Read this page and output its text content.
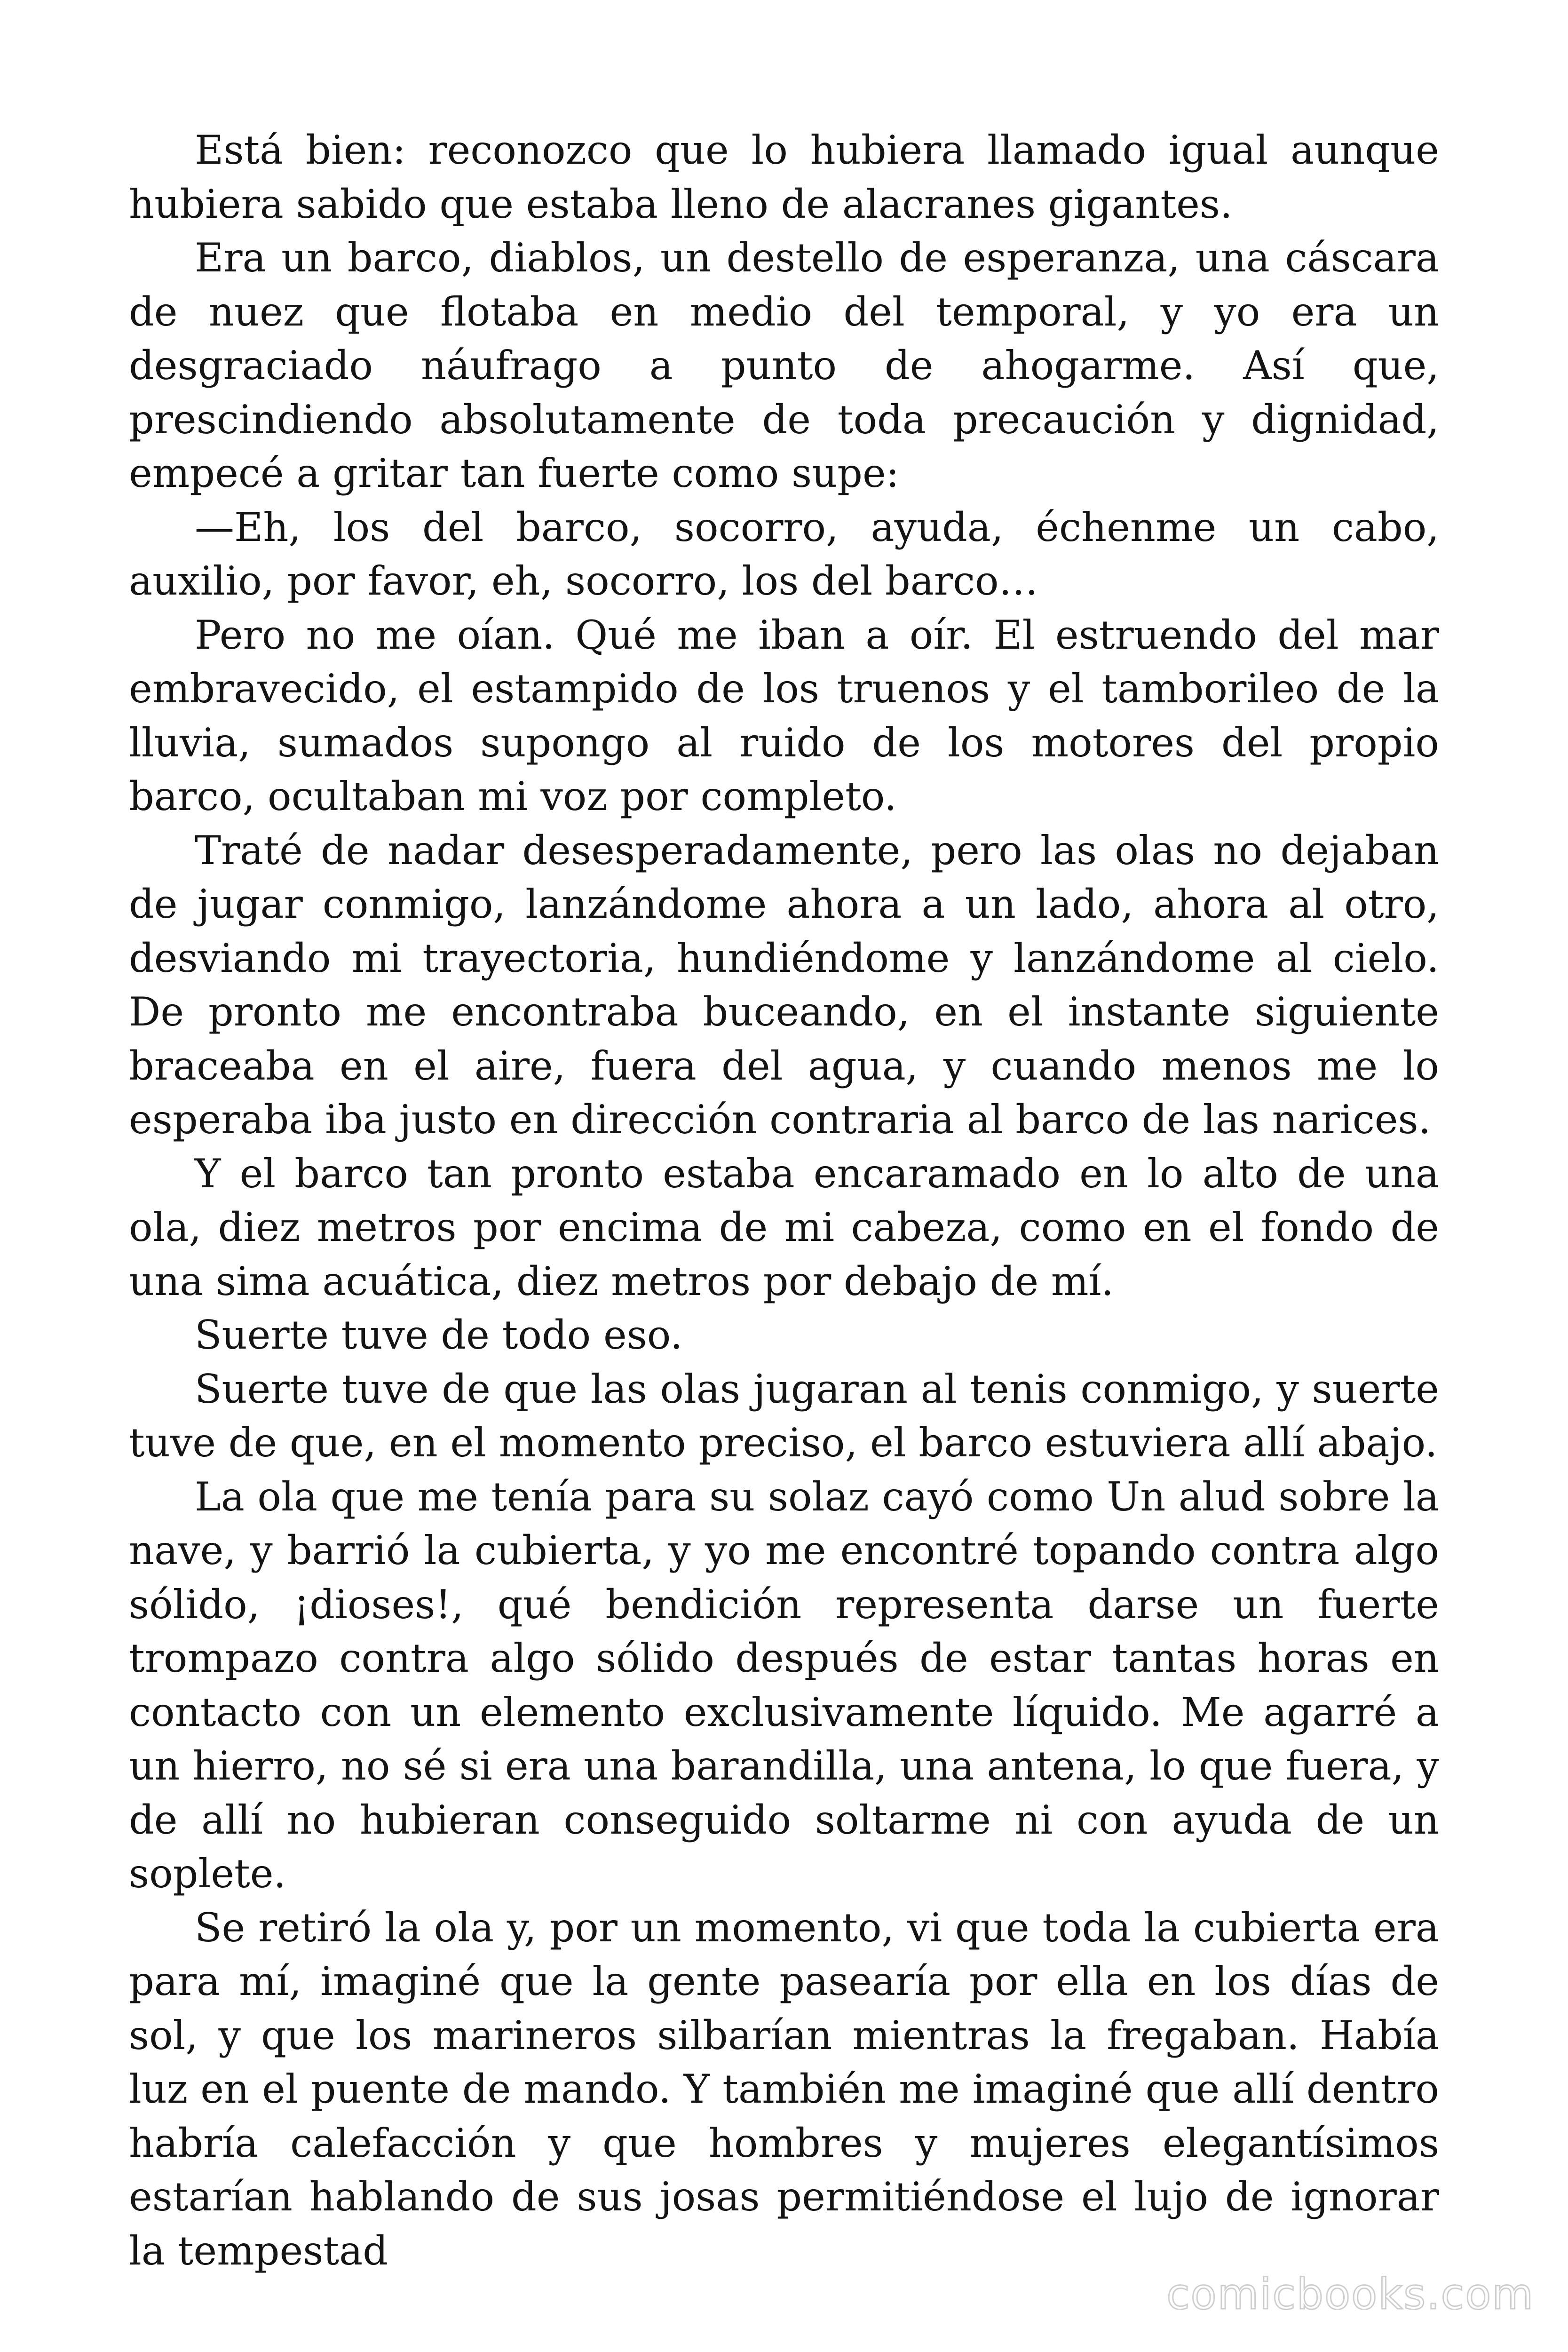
Está bien: reconozco que lo hubiera llamado igual aunque hubiera sabido que estaba lleno de alacranes gigantes.

Era un barco, diablos, un destello de esperanza, una cáscara de nuez que flotaba en medio del temporal, y yo era un desgraciado náufrago a punto de ahogarme. Así que, prescindiendo absolutamente de toda precaución y dignidad, empecé a gritar tan fuerte como supe:

—Eh, los del barco, socorro, ayuda, échenme un cabo, auxilio, por favor, eh, socorro, los del barco…

Pero no me oían. Qué me iban a oír. El estruendo del mar embravecido, el estampido de los truenos y el tamborileo de la lluvia, sumados supongo al ruido de los motores del propio barco, ocultaban mi voz por completo.

Traté de nadar desesperadamente, pero las olas no dejaban de jugar conmigo, lanzándome ahora a un lado, ahora al otro, desviando mi trayectoria, hundiéndome y lanzándome al cielo. De pronto me encontraba buceando, en el instante siguiente braceaba en el aire, fuera del agua, y cuando menos me lo esperaba iba justo en dirección contraria al barco de las narices.

Y el barco tan pronto estaba encaramado en lo alto de una ola, diez metros por encima de mi cabeza, como en el fondo de una sima acuática, diez metros por debajo de mí.

Suerte tuve de todo eso.

Suerte tuve de que las olas jugaran al tenis conmigo, y suerte tuve de que, en el momento preciso, el barco estuviera allí abajo.

La ola que me tenía para su solaz cayó como Un alud sobre la nave, y barrió la cubierta, y yo me encontré topando contra algo sólido, ¡dioses!, qué bendición representa darse un fuerte trompazo contra algo sólido después de estar tantas horas en contacto con un elemento exclusivamente líquido. Me agarré a un hierro, no sé si era una barandilla, una antena, lo que fuera, y de allí no hubieran conseguido soltarme ni con ayuda de un soplete.

Se retiró la ola y, por un momento, vi que toda la cubierta era para mí, imaginé que la gente pasearía por ella en los días de sol, y que los marineros silbarían mientras la fregaban. Había luz en el puente de mando. Y también me imaginé que allí dentro habría calefacción y que hombres y mujeres elegantísimos estarían hablando de sus josas permitiéndose el lujo de ignorar la tempestad

comicbooks.com
